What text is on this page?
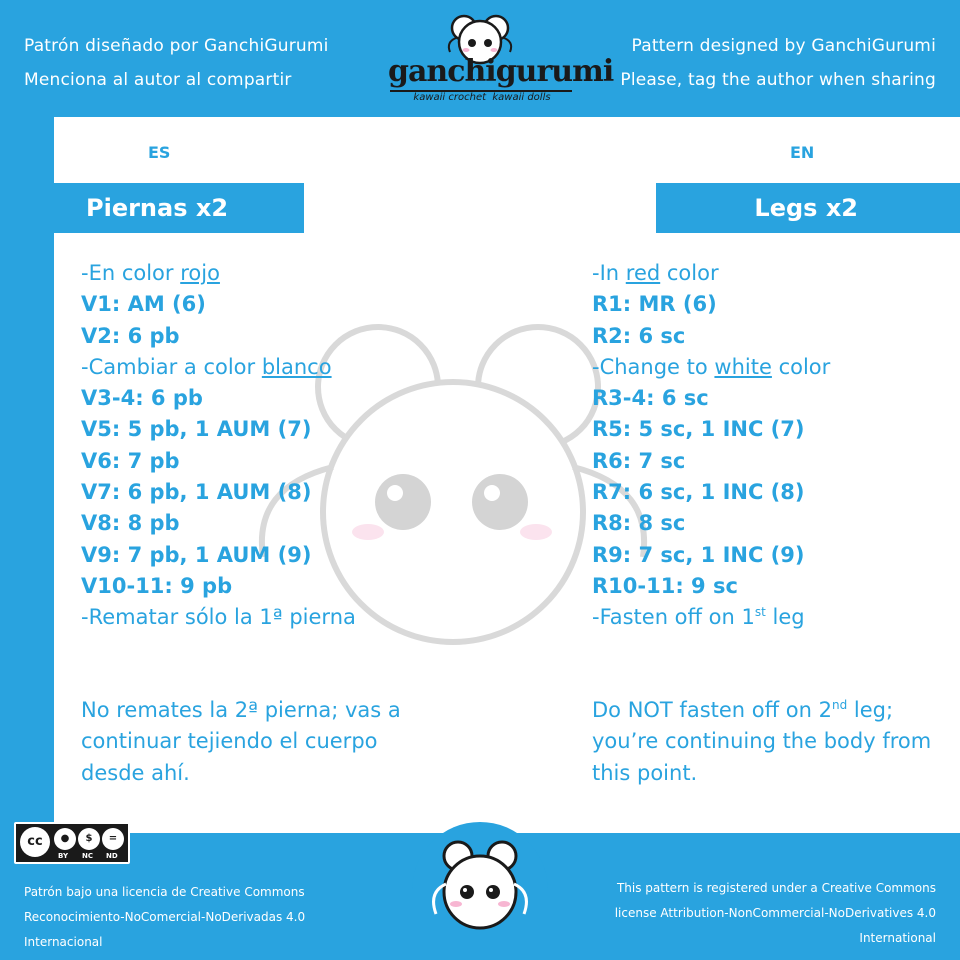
Patrón diseñado por GanchiGurumi
Menciona al autor al compartir
Pattern designed by GanchiGurumi
Please, tag the author when sharing
ganchigurumi
kawaii crochet  kawaii dolls
ES	EN
Piernas x2	Legs x2
-En color rojo
V1: AM (6)
V2: 6 pb
-Cambiar a color blanco
V3-4: 6 pb
V5: 5 pb, 1 AUM (7)
V6: 7 pb
V7: 6 pb, 1 AUM (8)
V8: 8 pb
V9: 7 pb, 1 AUM (9)
V10-11: 9 pb
-Rematar sólo la 1ª pierna
-In red color
R1: MR (6)
R2: 6 sc
-Change to white color
R3-4: 6 sc
R5: 5 sc, 1 INC (7)
R6: 7 sc
R7: 6 sc, 1 INC (8)
R8: 8 sc
R9: 7 sc, 1 INC (9)
R10-11: 9 sc
-Fasten off on 1st leg
No remates la 2ª pierna; vas a continuar tejiendo el cuerpo desde ahí.
Do NOT fasten off on 2nd leg; you’re continuing the body from this point.
cc	●	$	=
BY NC ND
Patrón bajo una licencia de Creative Commons Reconocimiento-NoComercial-NoDerivadas 4.0 Internacional
This pattern is registered under a Creative Commons license Attribution-NonCommercial-NoDerivatives 4.0 International
